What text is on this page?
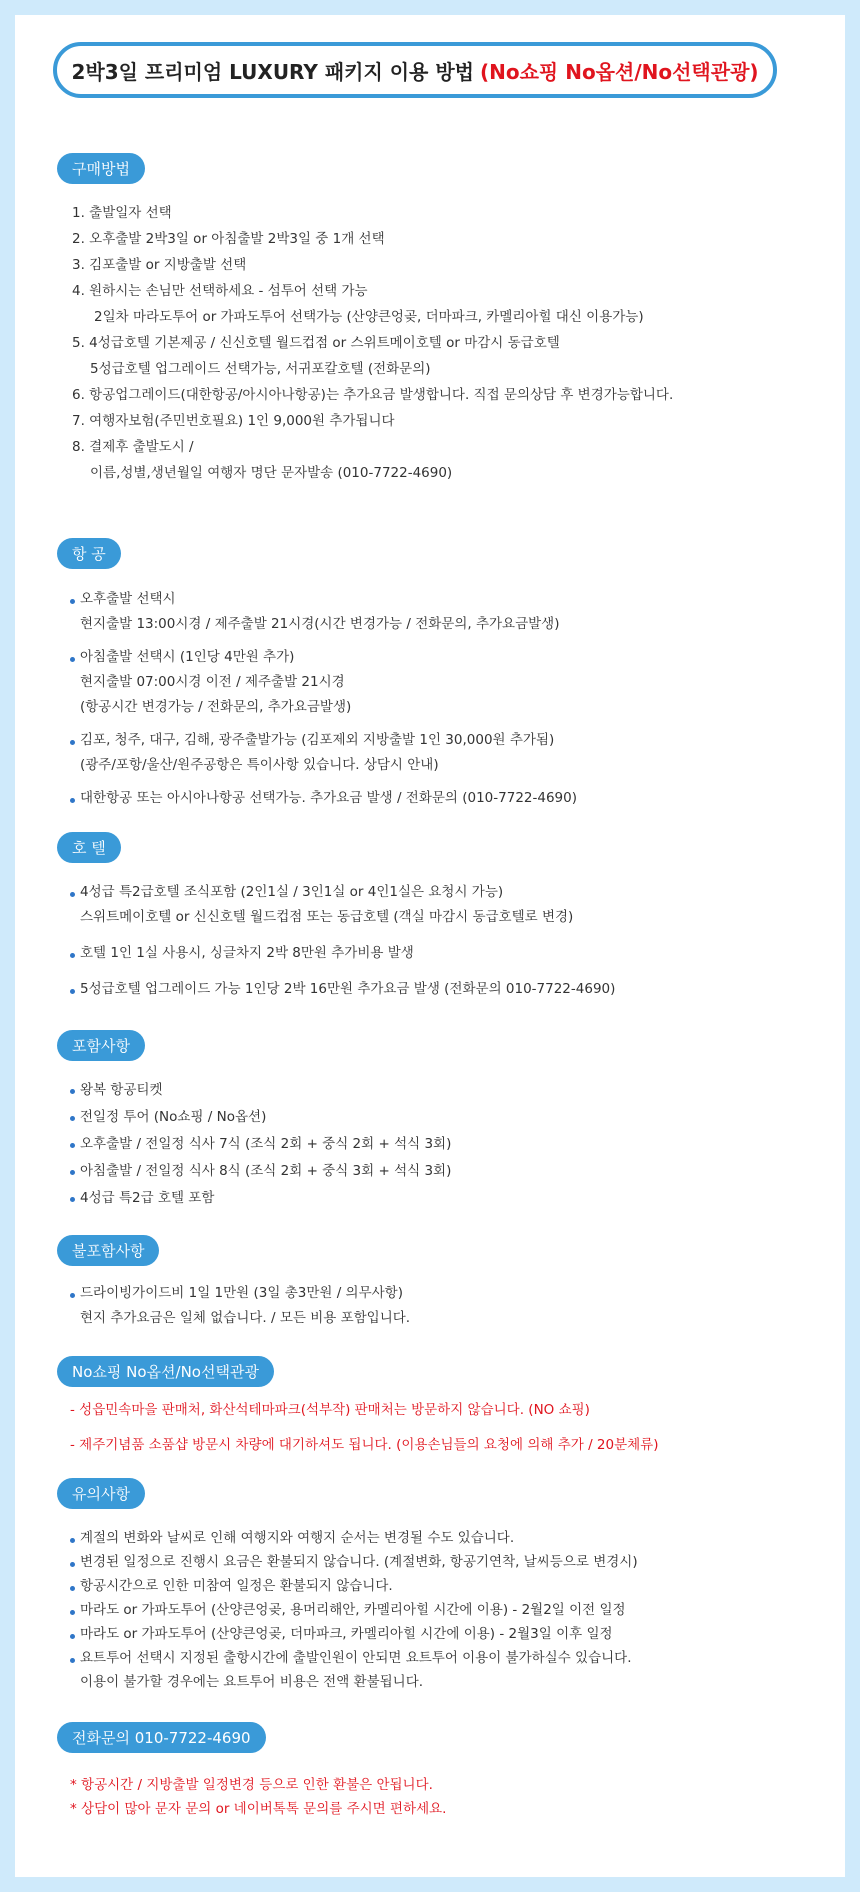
2박3일 프리미엄 LUXURY 패키지 이용 방법 (No쇼핑 No옵션/No선택관광)
구매방법
1. 출발일자 선택
2. 오후출발 2박3일 or 아침출발 2박3일 중 1개 선택
3. 김포출발 or 지방출발 선택
4. 원하시는 손님만 선택하세요 - 섬투어 선택 가능
2일차 마라도투어 or 가파도투어 선택가능 (산양큰엉곶, 더마파크, 카멜리아힐 대신 이용가능)
5. 4성급호텔 기본제공 / 신신호텔 월드컵점 or 스위트메이호텔 or 마감시 동급호텔
5성급호텔 업그레이드 선택가능, 서귀포칼호텔 (전화문의)
6. 항공업그레이드(대한항공/아시아나항공)는 추가요금 발생합니다. 직접 문의상담 후 변경가능합니다.
7. 여행자보험(주민번호필요) 1인 9,000원 추가됩니다
8. 결제후 출발도시 /
이름,성별,생년월일 여행자 명단 문자발송 (010-7722-4690)
항 공
오후출발 선택시
현지출발 13:00시경 / 제주출발 21시경(시간 변경가능 / 전화문의, 추가요금발생)
아침출발 선택시 (1인당 4만원 추가)
현지출발 07:00시경 이전 / 제주출발 21시경
(항공시간 변경가능 / 전화문의, 추가요금발생)
김포, 청주, 대구, 김해, 광주출발가능 (김포제외 지방출발 1인 30,000원 추가됨)
(광주/포항/울산/원주공항은 특이사항 있습니다. 상담시 안내)
대한항공 또는 아시아나항공 선택가능. 추가요금 발생 / 전화문의 (010-7722-4690)
호 텔
4성급 특2급호텔 조식포함 (2인1실 / 3인1실 or 4인1실은 요청시 가능)
스위트메이호텔 or 신신호텔 월드컵점 또는 동급호텔 (객실 마감시 동급호텔로 변경)
호텔 1인 1실 사용시, 싱글차지 2박 8만원 추가비용 발생
5성급호텔 업그레이드 가능 1인당 2박 16만원 추가요금 발생 (전화문의 010-7722-4690)
포함사항
왕복 항공티켓
전일정 투어 (No쇼핑 / No옵션)
오후출발 / 전일정 식사 7식 (조식 2회 + 중식 2회 + 석식 3회)
아침출발 / 전일정 식사 8식 (조식 2회 + 중식 3회 + 석식 3회)
4성급 특2급 호텔 포함
불포함사항
드라이빙가이드비 1일 1만원 (3일 총3만원 / 의무사항)
현지 추가요금은 일체 없습니다. / 모든 비용 포함입니다.
No쇼핑 No옵션/No선택관광
- 성읍민속마을 판매처, 화산석테마파크(석부작) 판매처는 방문하지 않습니다. (NO 쇼핑)
- 제주기념품 소품샵 방문시 차량에 대기하셔도 됩니다. (이용손님들의 요청에 의해 추가 / 20분체류)
유의사항
계절의 변화와 날씨로 인해 여행지와 여행지 순서는 변경될 수도 있습니다.
변경된 일정으로 진행시 요금은 환불되지 않습니다. (계절변화, 항공기연착, 날씨등으로 변경시)
항공시간으로 인한 미참여 일정은 환불되지 않습니다.
마라도 or 가파도투어 (산양큰엉곶, 용머리해안, 카멜리아힐 시간에 이용) - 2월2일 이전 일정
마라도 or 가파도투어 (산양큰엉곶, 더마파크, 카멜리아힐 시간에 이용) - 2월3일 이후 일정
요트투어 선택시 지정된 출항시간에 출발인원이 안되면 요트투어 이용이 불가하실수 있습니다.
이용이 불가할 경우에는 요트투어 비용은 전액 환불됩니다.
전화문의 010-7722-4690
* 항공시간 / 지방출발 일정변경 등으로 인한 환불은 안됩니다.
* 상담이 많아 문자 문의 or 네이버톡톡 문의를 주시면 편하세요.
